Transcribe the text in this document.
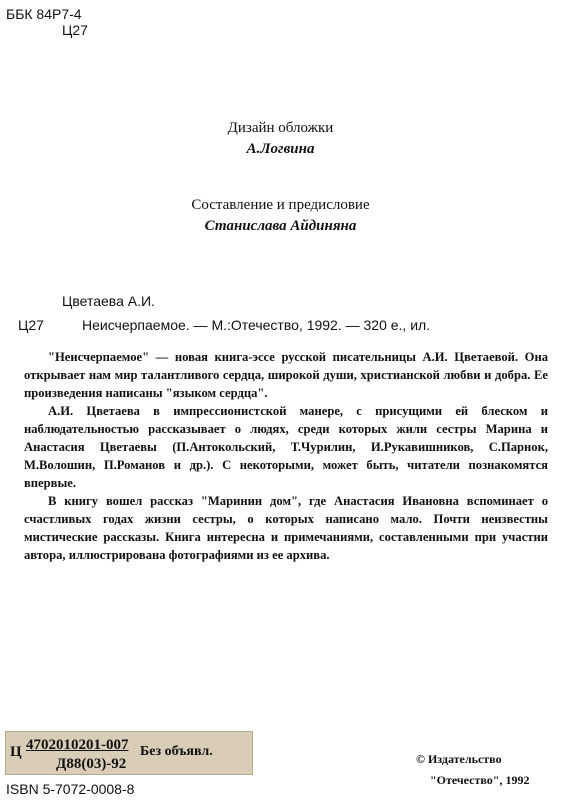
ББК 84Р7-4
Ц27
Дизайн обложки
А.Логвина
Составление и предисловие
Станислава Айдиняна
Цветаева А.И.
Ц27	Неисчерпаемое. — М.:Отечество, 1992. — 320 е., ил.

"Неисчерпаемое" — новая книга-эссе русской писательницы А.И. Цветаевой. Она открывает нам мир талантливого сердца, широкой души, христианской любви и добра. Ее произведения написаны "языком сердца".

А.И. Цветаева в импрессионистской манере, с присущими ей блеском и наблюдательностью рассказывает о людях, среди которых жили сестры Марина и Анастасия Цветаевы (П.Антокольский, Т.Чурилин, И.Рукавишников, С.Парнок, М.Волошин, П.Романов и др.). С некоторыми, может быть, читатели познакомятся впервые.

В книгу вошел рассказ "Маринин дом", где Анастасия Ивановна вспоминает о счастливых годах жизни сестры, о которых написано мало. Почти неизвестны мистические рассказы. Книга интересна и примечаниями, составленными при участии автора, иллюстрирована фотографиями из ее архива.

Ц 4702010201-007 Без объявл.
Д88(03)-92	© Издательство
"Отечество", 1992
ISBN 5-7072-0008-8
